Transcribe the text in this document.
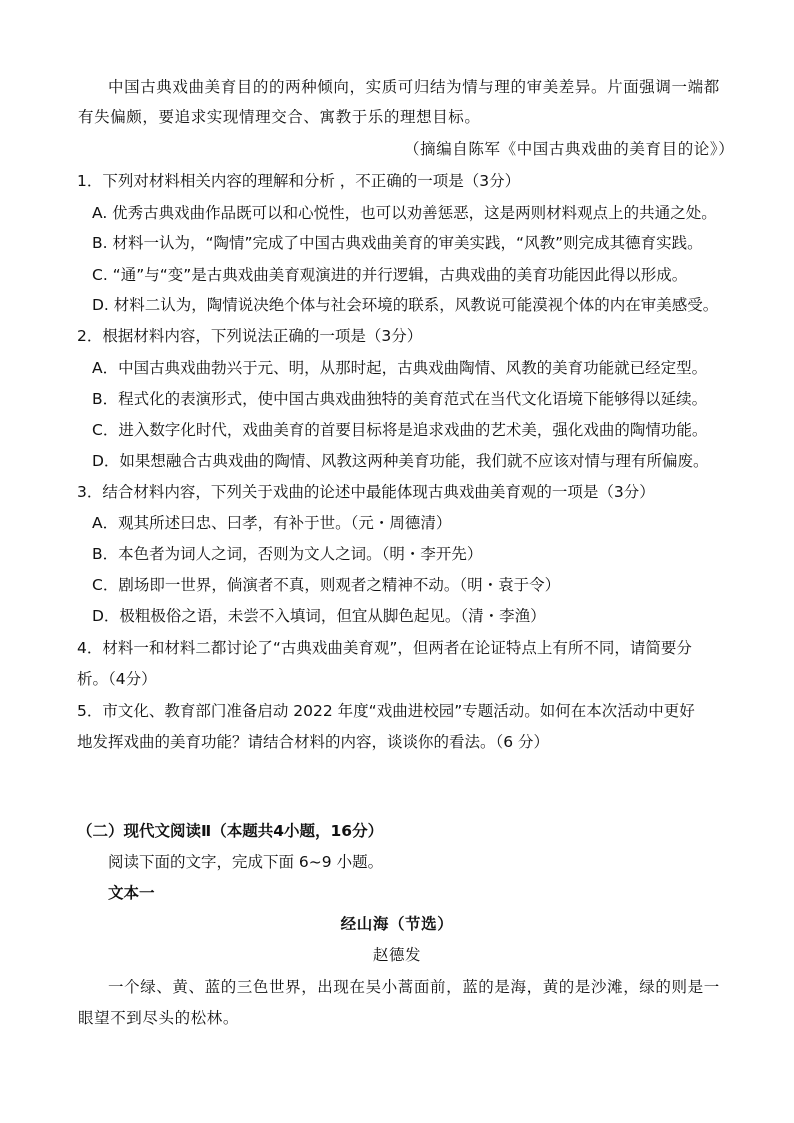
中国古典戏曲美育目的的两种倾向，实质可归结为情与理的审美差异。片面强调一端都
有失偏颇，要追求实现情理交合、寓教于乐的理想目标。
（摘编自陈军《中国古典戏曲的美育目的论》）
1．下列对材料相关内容的理解和分析 ，不正确的一项是（3分）
A. 优秀古典戏曲作品既可以和心悦性，也可以劝善惩恶，这是两则材料观点上的共通之处。
B. 材料一认为，“陶情”完成了中国古典戏曲美育的审美实践，“风教”则完成其德育实践。
C. “通”与“变”是古典戏曲美育观演进的并行逻辑，古典戏曲的美育功能因此得以形成。
D. 材料二认为，陶情说决绝个体与社会环境的联系，风教说可能漠视个体的内在审美感受。
2．根据材料内容，下列说法正确的一项是（3分）
A．中国古典戏曲勃兴于元、明，从那时起，古典戏曲陶情、风教的美育功能就已经定型。
B．程式化的表演形式，使中国古典戏曲独特的美育范式在当代文化语境下能够得以延续。
C．进入数字化时代，戏曲美育的首要目标将是追求戏曲的艺术美，强化戏曲的陶情功能。
D．如果想融合古典戏曲的陶情、风教这两种美育功能，我们就不应该对情与理有所偏废。
3．结合材料内容，下列关于戏曲的论述中最能体现古典戏曲美育观的一项是（3分）
A．观其所述曰忠、曰孝，有补于世。（元・周德清）
B．本色者为词人之词，否则为文人之词。（明・李开先）
C．剧场即一世界，倘演者不真，则观者之精神不动。（明・袁于令）
D．极粗极俗之语，未尝不入填词，但宜从脚色起见。（清・李渔）
4．材料一和材料二都讨论了“古典戏曲美育观”，但两者在论证特点上有所不同，请简要分
析。（4分）
5．市文化、教育部门准备启动 2022 年度“戏曲进校园”专题活动。如何在本次活动中更好
地发挥戏曲的美育功能？请结合材料的内容，谈谈你的看法。（6 分）
（二）现代文阅读Ⅱ（本题共4小题，16分）
阅读下面的文字，完成下面 6~9 小题。
文本一
经山海（节选）
赵德发
一个绿、黄、蓝的三色世界，出现在吴小蒿面前，蓝的是海，黄的是沙滩，绿的则是一
眼望不到尽头的松林。
